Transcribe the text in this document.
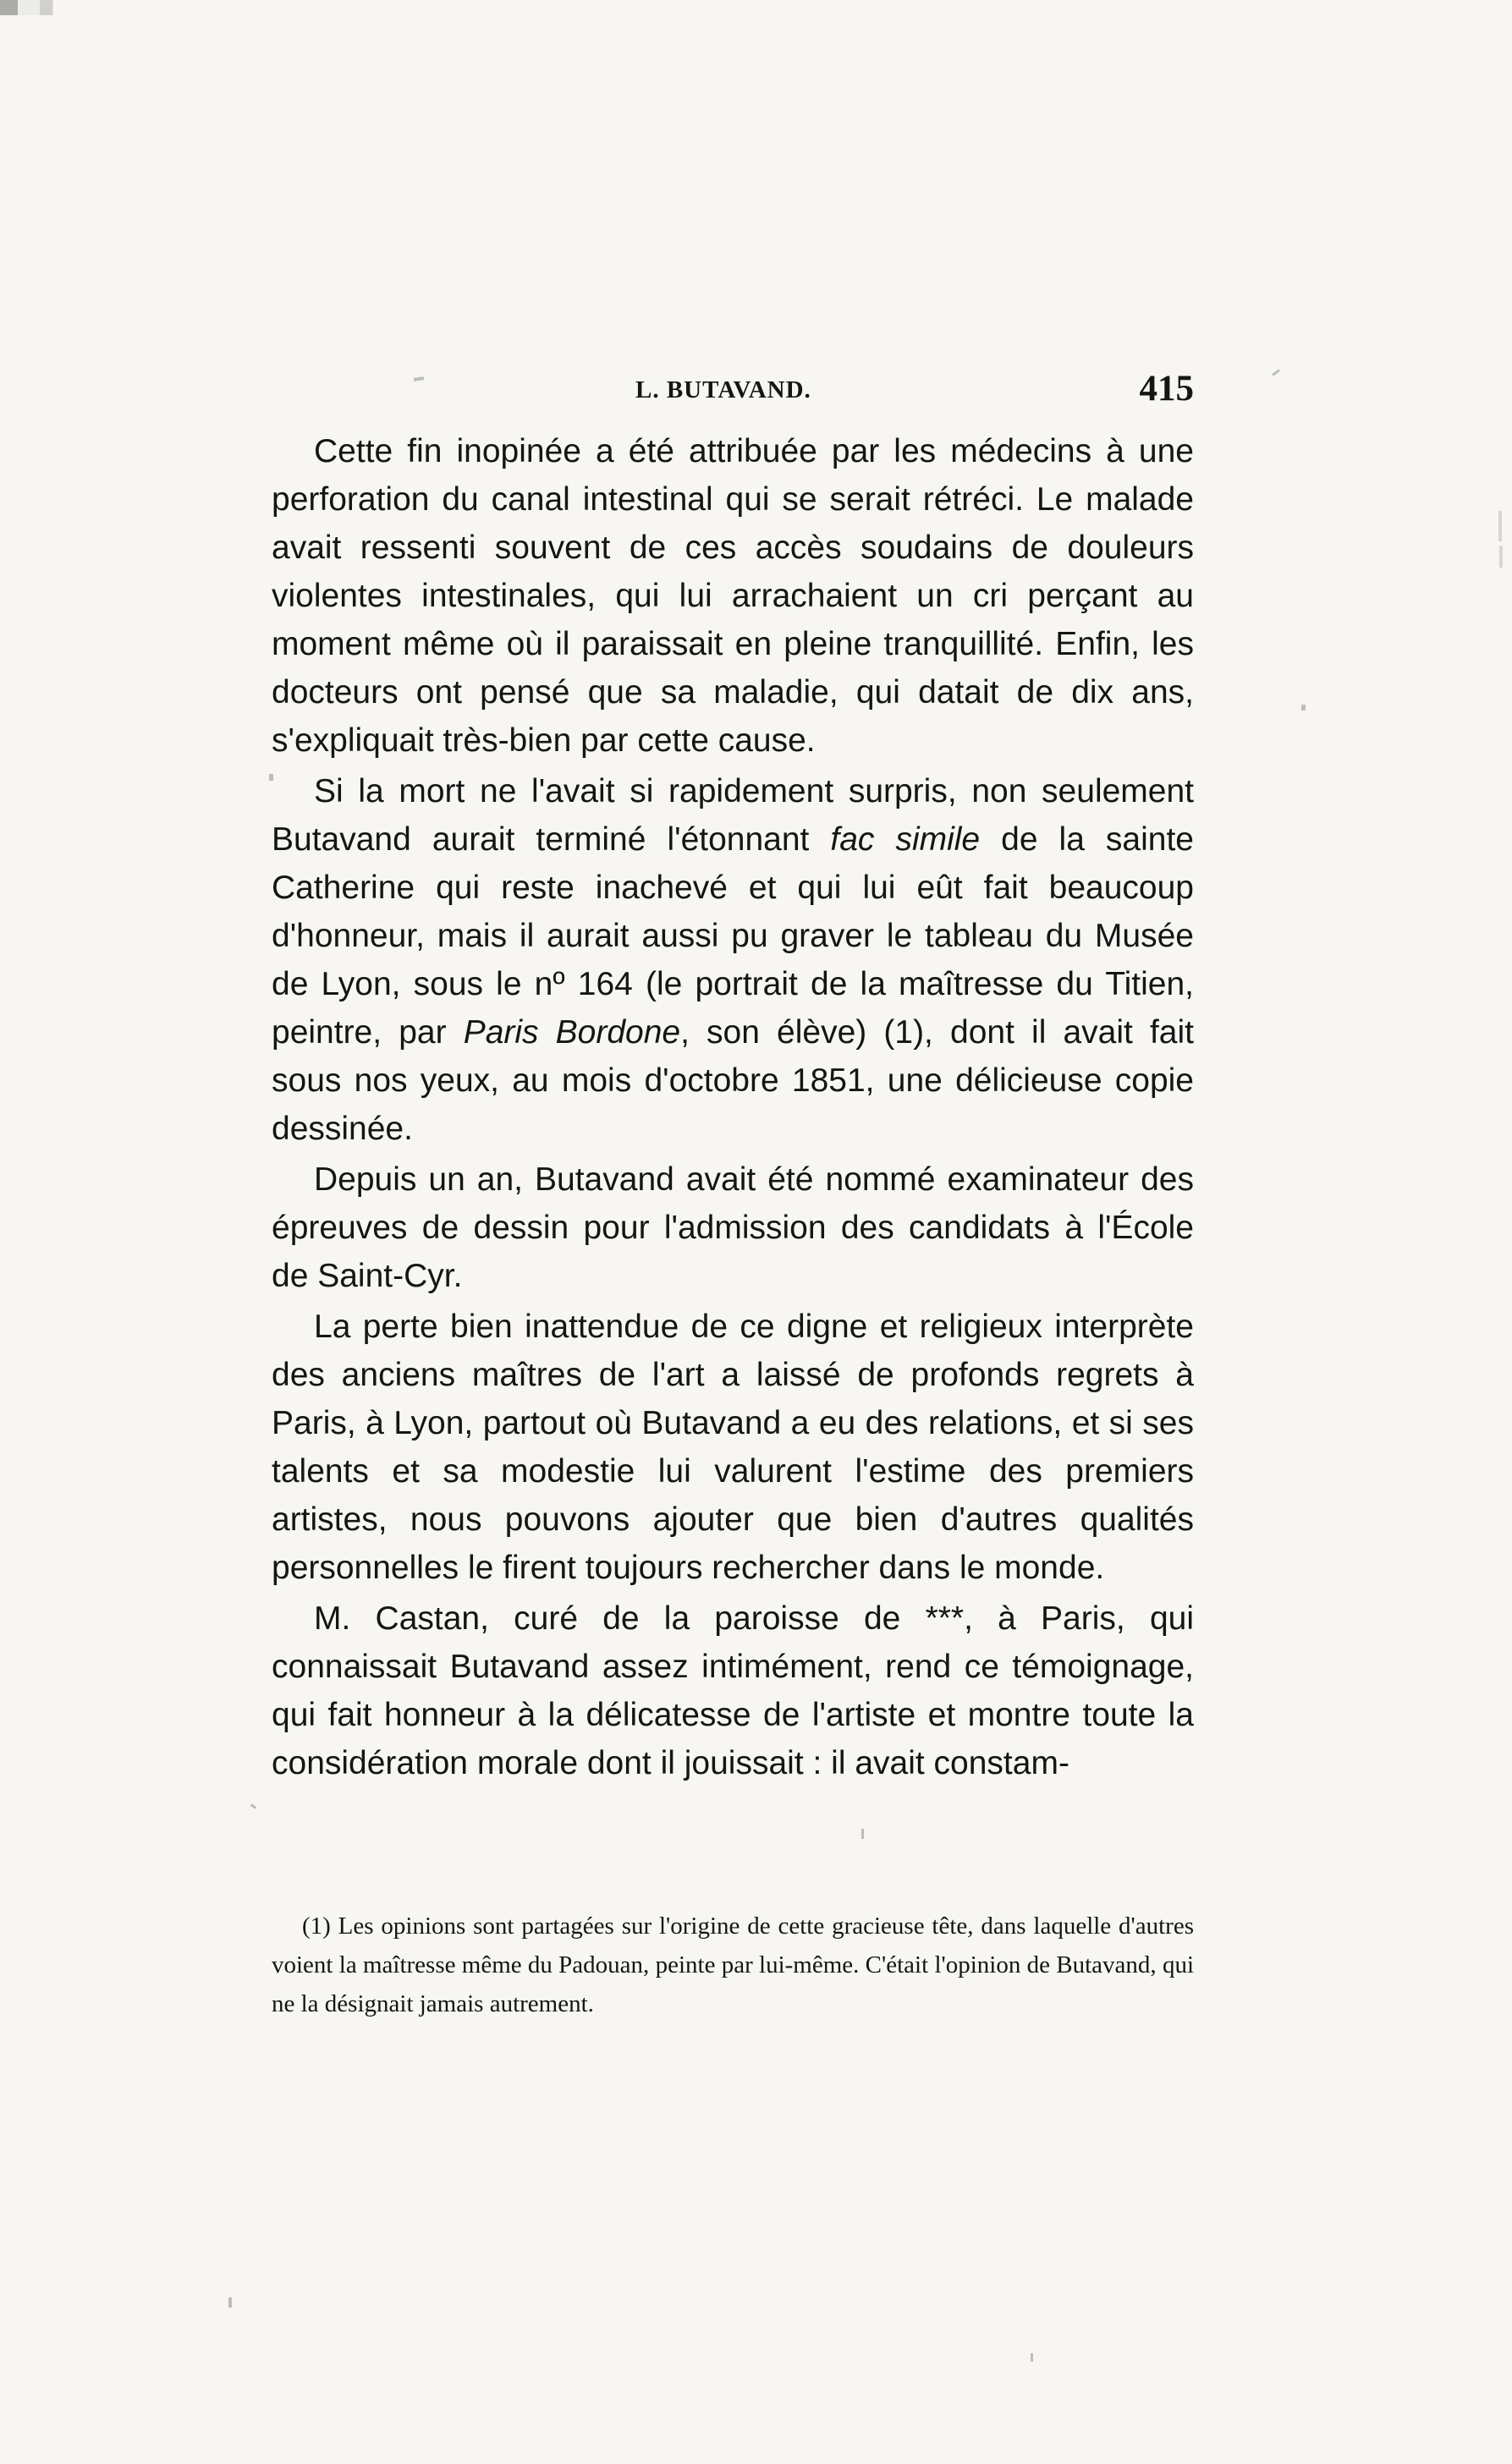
L. BUTAVAND.	415

Cette fin inopinée a été attribuée par les médecins à une perforation du canal intestinal qui se serait rétréci. Le malade avait ressenti souvent de ces accès soudains de douleurs violentes intestinales, qui lui arrachaient un cri perçant au moment même où il paraissait en pleine tranquillité. Enfin, les docteurs ont pensé que sa maladie, qui datait de dix ans, s'expliquait très-bien par cette cause.

Si la mort ne l'avait si rapidement surpris, non seulement Butavand aurait terminé l'étonnant fac simile de la sainte Catherine qui reste inachevé et qui lui eût fait beaucoup d'honneur, mais il aurait aussi pu graver le tableau du Musée de Lyon, sous le nº 164 (le portrait de la maîtresse du Titien, peintre, par Paris Bordone, son élève) (1), dont il avait fait sous nos yeux, au mois d'octobre 1851, une délicieuse copie dessinée.

Depuis un an, Butavand avait été nommé examinateur des épreuves de dessin pour l'admission des candidats à l'École de Saint-Cyr.

La perte bien inattendue de ce digne et religieux interprète des anciens maîtres de l'art a laissé de profonds regrets à Paris, à Lyon, partout où Butavand a eu des relations, et si ses talents et sa modestie lui valurent l'estime des premiers artistes, nous pouvons ajouter que bien d'autres qualités personnelles le firent toujours rechercher dans le monde.

M. Castan, curé de la paroisse de ***, à Paris, qui connaissait Butavand assez intimément, rend ce témoignage, qui fait honneur à la délicatesse de l'artiste et montre toute la considération morale dont il jouissait : il avait constam-

(1) Les opinions sont partagées sur l'origine de cette gracieuse tête, dans laquelle d'autres voient la maîtresse même du Padouan, peinte par lui-même. C'était l'opinion de Butavand, qui ne la désignait jamais autrement.
